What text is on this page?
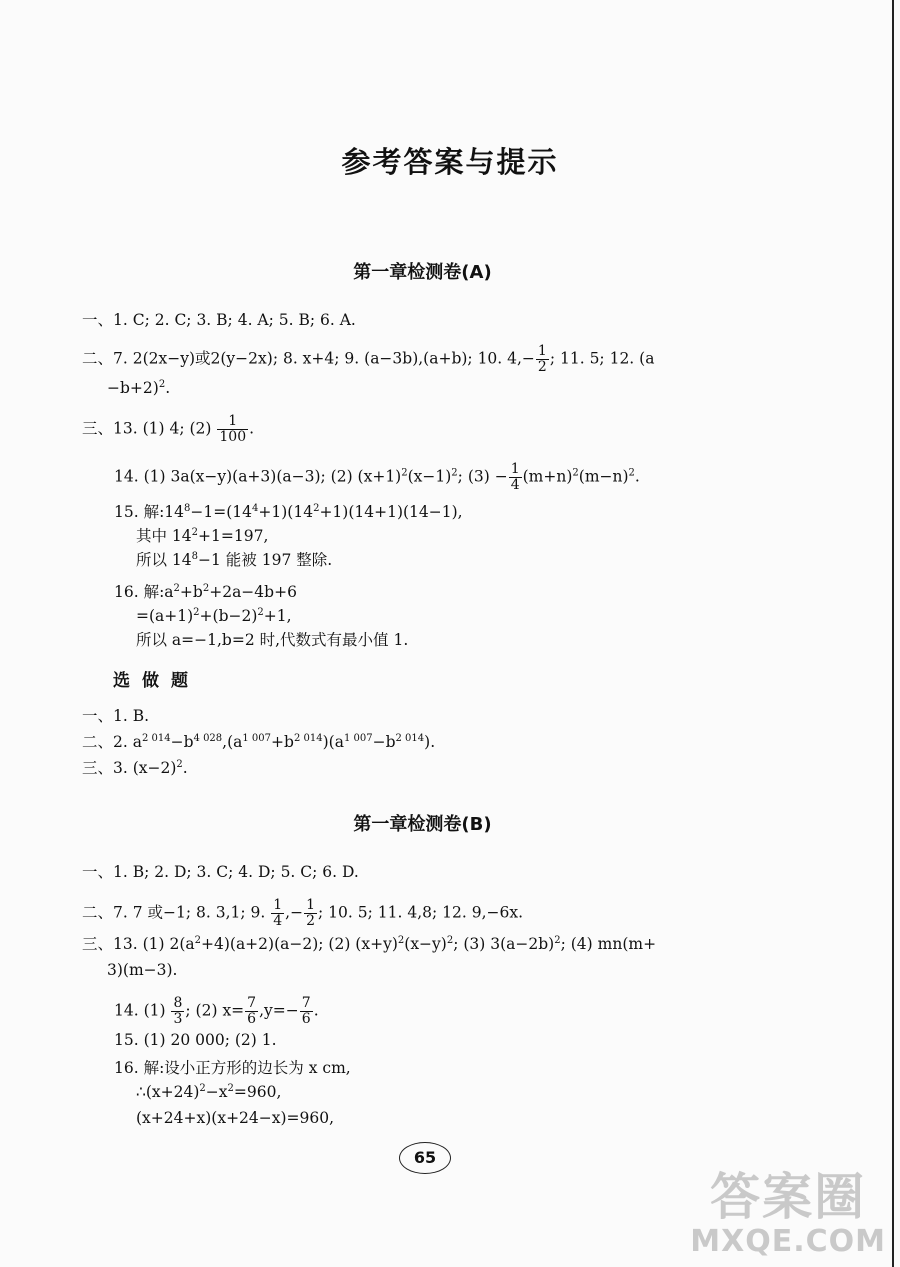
参考答案与提示
第一章检测卷(A)
一、1. C; 2. C; 3. B; 4. A; 5. B; 6. A.
二、7. 2(2x−y)或2(y−2x); 8. x+4; 9. (a−3b),(a+b); 10. $4,- \frac{1}{2}$ ; 11. 5; 12. (a
−b+2)$^2$.
三、13. (1) 4; $(2) \frac{1}{100}$ .
14. (1) 3a(x−y)(a+3)(a−3); (2) $(x+1)^2(x-1)^2$; $(3) - \frac{1}{4} (m+n)^2(m-n)^2$.
15. 解$:14^8-1=(14^4+1)(14^2+1)(14+1)(14-1)$,
其中 $14^2+1=197$,
所以 $14^8-1$ 能被 197 整除.
16. 解$:a^2+b^2+2a-4b+6$
$=(a+1)^2+(b-2)^2+1$,
所以 a=−1,b=2 时,代数式有最小值 1.
选做题
一、1. B.
二、2. $a^{2 014}-b^{4 028},(a^{1 007}+b^{2 014})(a^{1 007}-b^{2 014})$.
三、3. $(x-2)^2$.
第一章检测卷(B)
一、1. B; 2. D; 3. C; 4. D; 5. C; 6. D.
二、7. 7 或−1; 8. 3,1; 9. $\frac{1}{4}$ ,− $\frac{1}{2}$ ; 10. 5; 11. 4,8; 12. 9,−6x.
三、13. (1) $2(a^2+4)(a+2)(a-2)$; (2) $(x+y)^2(x-y)^2$; (3) $3(a-2b)^2$; (4) mn(m+
3)(m−3).
14. $(1) \frac{8}{3}$ ; (2) $x= \frac{7}{6} ,y=- \frac{7}{6}$ .
15. (1) 20 000; (2) 1.
16. 解:设小正方形的边长为 x cm,
$\therefore(x+24)^2-x^2=960$,
(x+24+x)(x+24−x)=960,
65
答案圈
MXQE.COM
